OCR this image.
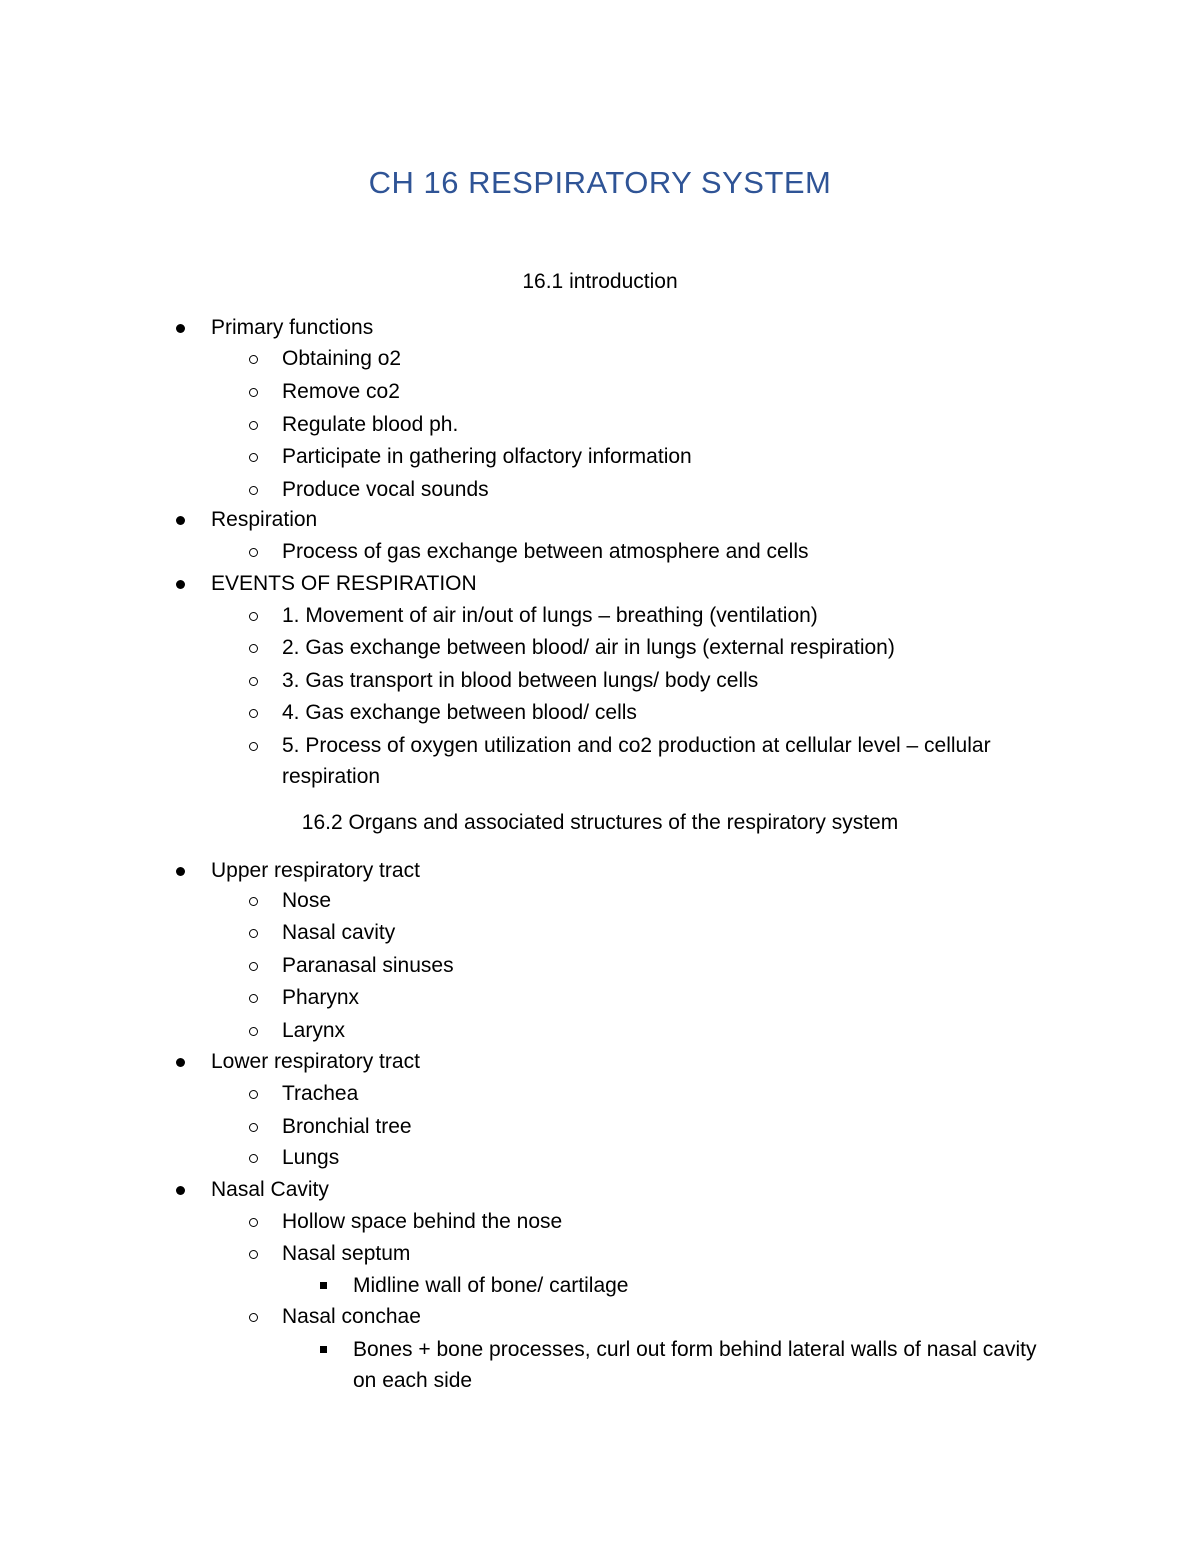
CH 16 RESPIRATORY SYSTEM
16.1 introduction
Primary functions
Obtaining o2
Remove co2
Regulate blood ph.
Participate in gathering olfactory information
Produce vocal sounds
Respiration
Process of gas exchange between atmosphere and cells
EVENTS OF RESPIRATION
1. Movement of air in/out of lungs – breathing (ventilation)
2. Gas exchange between blood/ air in lungs (external respiration)
3. Gas transport in blood between lungs/ body cells
4. Gas exchange between blood/ cells
5. Process of oxygen utilization and co2 production at cellular level – cellular
respiration
16.2 Organs and associated structures of the respiratory system
Upper respiratory tract
Nose
Nasal cavity
Paranasal sinuses
Pharynx
Larynx
Lower respiratory tract
Trachea
Bronchial tree
Lungs
Nasal Cavity
Hollow space behind the nose
Nasal septum
Midline wall of bone/ cartilage
Nasal conchae
Bones + bone processes, curl out form behind lateral walls of nasal cavity
on each side
